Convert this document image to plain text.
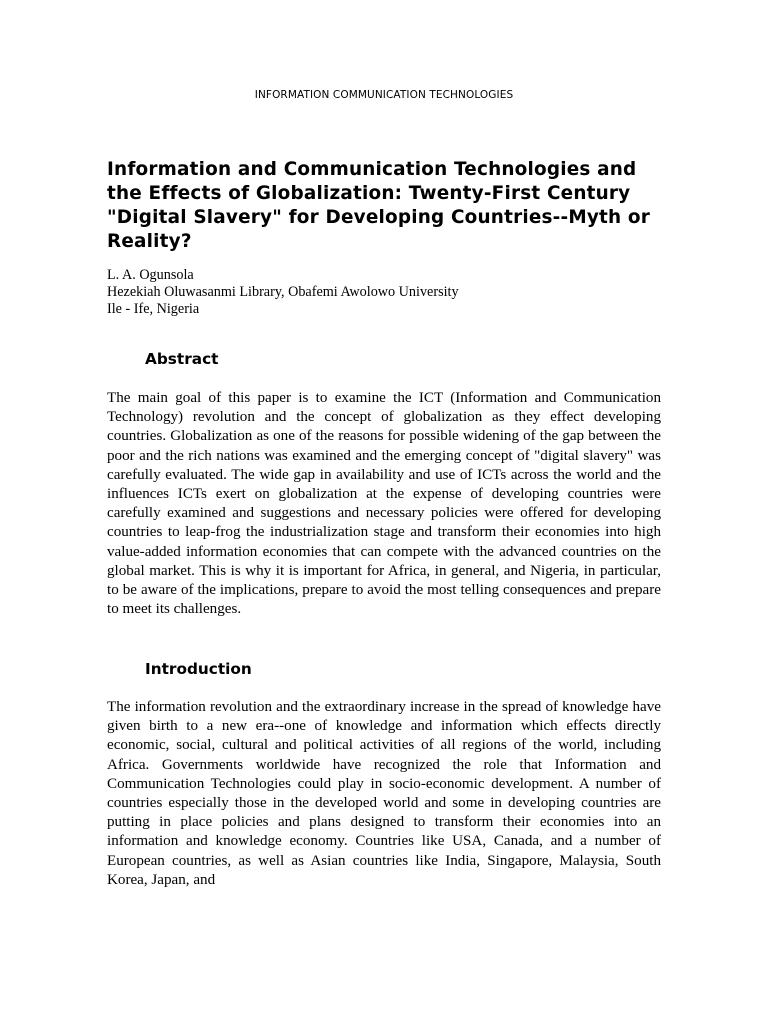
INFORMATION COMMUNICATION TECHNOLOGIES
Information and Communication Technologies and the Effects of Globalization: Twenty-First Century "Digital Slavery" for Developing Countries--Myth or Reality?
L. A. Ogunsola
Hezekiah Oluwasanmi Library, Obafemi Awolowo University
Ile - Ife, Nigeria
Abstract

The main goal of this paper is to examine the ICT (Information and Communication Technology) revolution and the concept of globalization as they effect developing countries. Globalization as one of the reasons for possible widening of the gap between the poor and the rich nations was examined and the emerging concept of "digital slavery" was carefully evaluated. The wide gap in availability and use of ICTs across the world and the influences ICTs exert on globalization at the expense of developing countries were carefully examined and suggestions and necessary policies were offered for developing countries to leap-frog the industrialization stage and transform their economies into high value-added information economies that can compete with the advanced countries on the global market. This is why it is important for Africa, in general, and Nigeria, in particular, to be aware of the implications, prepare to avoid the most telling consequences and prepare to meet its challenges.

Introduction

The information revolution and the extraordinary increase in the spread of knowledge have given birth to a new era--one of knowledge and information which effects directly economic, social, cultural and political activities of all regions of the world, including Africa. Governments worldwide have recognized the role that Information and Communication Technologies could play in socio-economic development. A number of countries especially those in the developed world and some in developing countries are putting in place policies and plans designed to transform their economies into an information and knowledge economy. Countries like USA, Canada, and a number of European countries, as well as Asian countries like India, Singapore, Malaysia, South Korea, Japan, and
